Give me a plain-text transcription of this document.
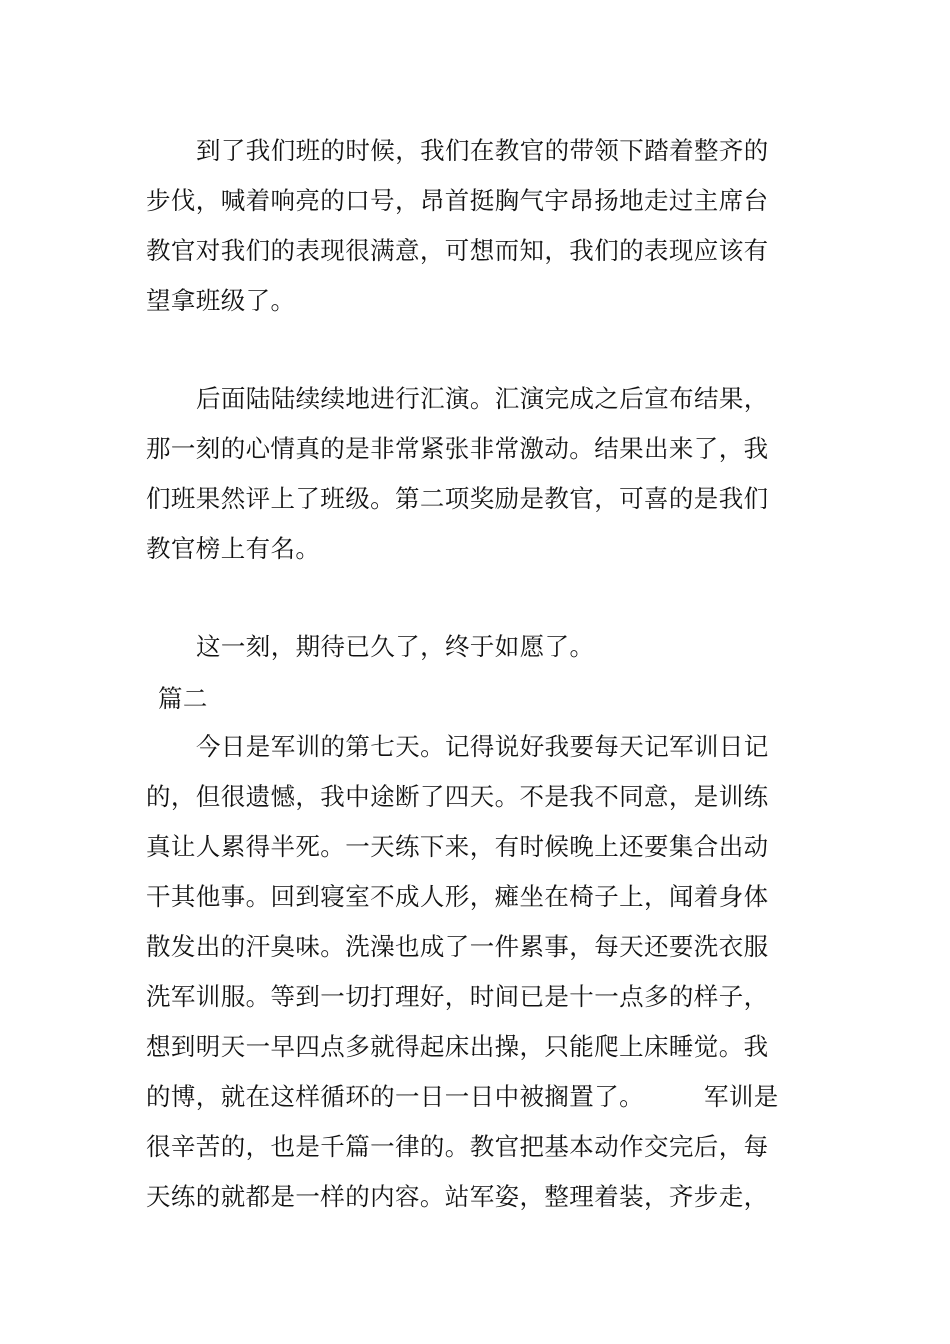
到了我们班的时候，我们在教官的带领下踏着整齐的
步伐，喊着响亮的口号，昂首挺胸气宇昂扬地走过主席台
教官对我们的表现很满意，可想而知，我们的表现应该有
望拿班级了。
后面陆陆续续地进行汇演。汇演完成之后宣布结果，
那一刻的心情真的是非常紧张非常激动。结果出来了，我
们班果然评上了班级。第二项奖励是教官，可喜的是我们
教官榜上有名。
这一刻，期待已久了，终于如愿了。
篇二
今日是军训的第七天。记得说好我要每天记军训日记
的，但很遗憾，我中途断了四天。不是我不同意，是训练
真让人累得半死。一天练下来，有时候晚上还要集合出动
干其他事。回到寝室不成人形，瘫坐在椅子上，闻着身体
散发出的汗臭味。洗澡也成了一件累事，每天还要洗衣服
洗军训服。等到一切打理好，时间已是十一点多的样子，
想到明天一早四点多就得起床出操，只能爬上床睡觉。我
的博，就在这样循环的一日一日中被搁置了。 军训是
很辛苦的，也是千篇一律的。教官把基本动作交完后，每
天练的就都是一样的内容。站军姿，整理着装，齐步走，
